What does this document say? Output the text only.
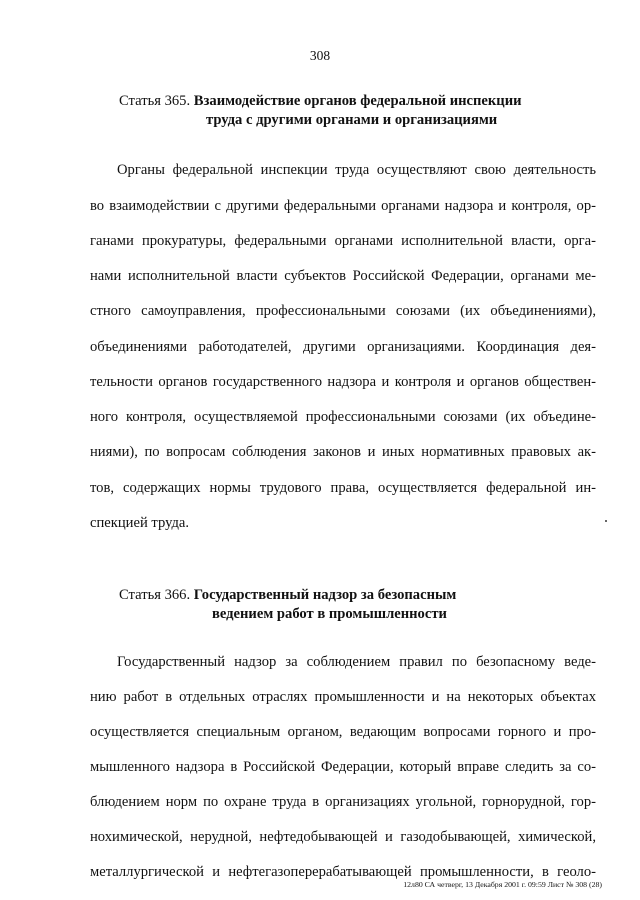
308
Статья 365. Взаимодействие органов федеральной инспекции
труда с другими органами и организациями
Органы федеральной инспекции труда осуществляют свою деятельность
во взаимодействии с другими федеральными органами надзора и контроля, ор-
ганами прокуратуры, федеральными органами исполнительной власти, орга-
нами исполнительной власти субъектов Российской Федерации, органами ме-
стного самоуправления, профессиональными союзами (их объединениями),
объединениями работодателей, другими организациями. Координация дея-
тельности органов государственного надзора и контроля и органов обществен-
ного контроля, осуществляемой профессиональными союзами (их объедине-
ниями), по вопросам соблюдения законов и иных нормативных правовых ак-
тов, содержащих нормы трудового права, осуществляется федеральной ин-
спекцией труда.
Статья 366. Государственный надзор за безопасным
ведением работ в промышленности
Государственный надзор за соблюдением правил по безопасному веде-
нию работ в отдельных отраслях промышленности и на некоторых объектах
осуществляется специальным органом, ведающим вопросами горного и про-
мышленного надзора в Российской Федерации, который вправе следить за со-
блюдением норм по охране труда в организациях угольной, горнорудной, гор-
нохимической, нерудной, нефтедобывающей и газодобывающей, химической,
металлургической и нефтегазоперерабатывающей промышленности, в геоло-
12л80 СА четверг, 13 Декабря 2001 г. 09:59 Лист № 308 (28)
